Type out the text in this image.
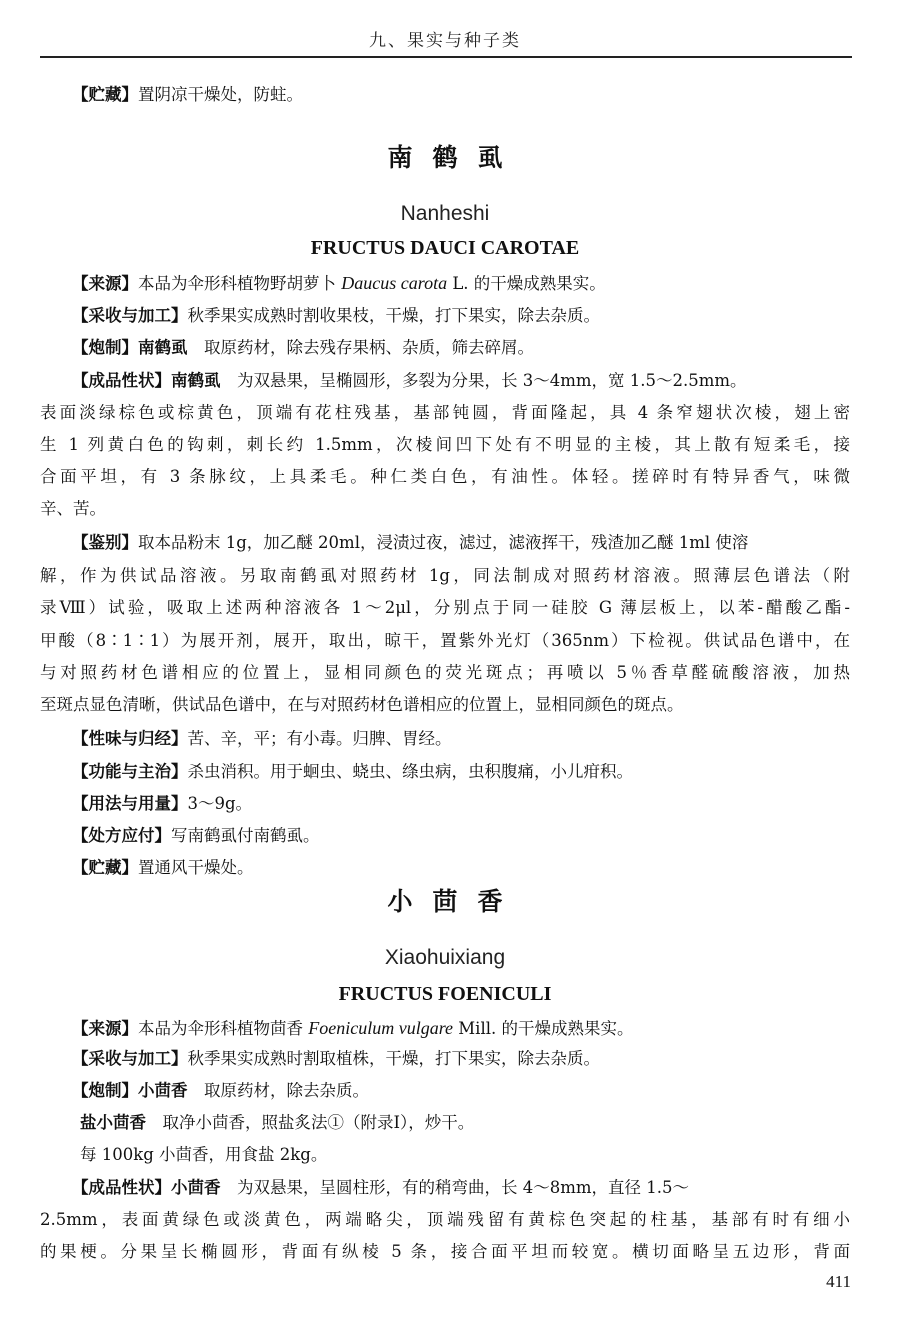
九、果实与种子类
【贮藏】置阴凉干燥处，防蛀。
南鹤虱
Nanheshi
FRUCTUS DAUCI CAROTAE
【来源】本品为伞形科植物野胡萝卜 Daucus carota L. 的干燥成熟果实。
【采收与加工】秋季果实成熟时割收果枝，干燥，打下果实，除去杂质。
【炮制】南鹤虱　取原药材，除去残存果柄、杂质，筛去碎屑。
【成品性状】南鹤虱　为双悬果，呈椭圆形，多裂为分果，长 3～4mm，宽 1.5～2.5mm。
表面淡绿棕色或棕黄色，顶端有花柱残基，基部钝圆，背面隆起，具 4 条窄翅状次棱，翅上密
生 1 列黄白色的钩刺，刺长约 1.5mm，次棱间凹下处有不明显的主棱，其上散有短柔毛，接
合面平坦，有 3 条脉纹，上具柔毛。种仁类白色，有油性。体轻。搓碎时有特异香气，味微
辛、苦。
【鉴别】取本品粉末 1g，加乙醚 20ml，浸渍过夜，滤过，滤液挥干，残渣加乙醚 1ml 使溶
解，作为供试品溶液。另取南鹤虱对照药材 1g，同法制成对照药材溶液。照薄层色谱法（附
录Ⅷ）试验，吸取上述两种溶液各 1～2μl，分别点于同一硅胶 G 薄层板上，以苯-醋酸乙酯-
甲酸（8∶1∶1）为展开剂，展开，取出，晾干，置紫外光灯（365nm）下检视。供试品色谱中，在
与对照药材色谱相应的位置上，显相同颜色的荧光斑点；再喷以 5％香草醛硫酸溶液，加热
至斑点显色清晰，供试品色谱中，在与对照药材色谱相应的位置上，显相同颜色的斑点。
【性味与归经】苦、辛，平；有小毒。归脾、胃经。
【功能与主治】杀虫消积。用于蛔虫、蛲虫、绦虫病，虫积腹痛，小儿疳积。
【用法与用量】3～9g。
【处方应付】写南鹤虱付南鹤虱。
【贮藏】置通风干燥处。
小茴香
Xiaohuixiang
FRUCTUS FOENICULI
【来源】本品为伞形科植物茴香 Foeniculum vulgare Mill. 的干燥成熟果实。
【采收与加工】秋季果实成熟时割取植株，干燥，打下果实，除去杂质。
【炮制】小茴香　取原药材，除去杂质。
盐小茴香　取净小茴香，照盐炙法①（附录Ⅰ），炒干。
每 100kg 小茴香，用食盐 2kg。
【成品性状】小茴香　为双悬果，呈圆柱形，有的稍弯曲，长 4～8mm，直径 1.5～
2.5mm，表面黄绿色或淡黄色，两端略尖，顶端残留有黄棕色突起的柱基，基部有时有细小
的果梗。分果呈长椭圆形，背面有纵棱 5 条，接合面平坦而较宽。横切面略呈五边形，背面
411
